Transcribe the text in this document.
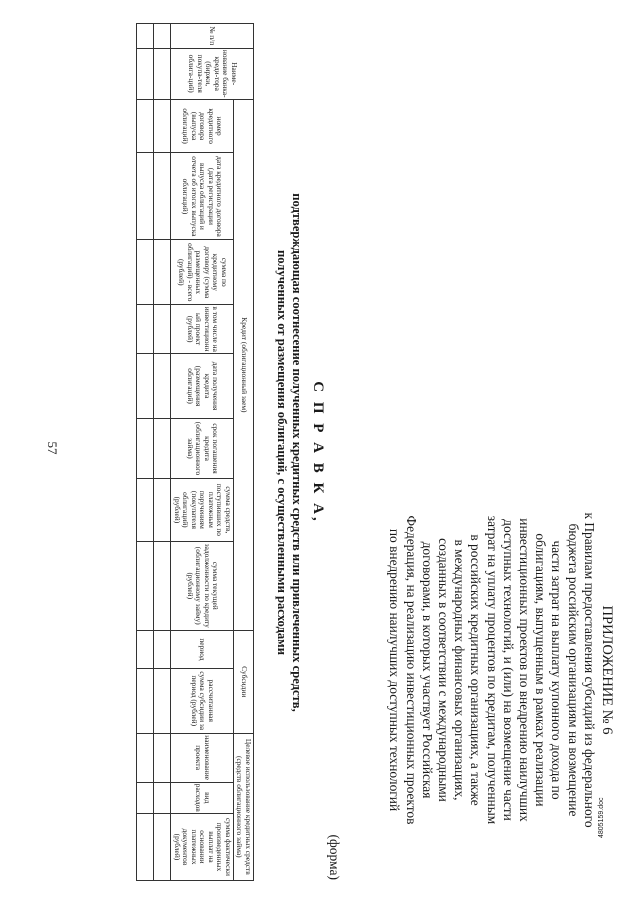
57
4805159.doc
ПРИЛОЖЕНИЕ № 6
к Правилам предоставления субсидий из федерального
бюджета российским организациям на возмещение
части затрат на выплату купонного дохода по
облигациям, выпущенным в рамках реализации
инвестиционных проектов по внедрению наилучших
доступных технологий, и (или) на возмещение части
затрат на уплату процентов по кредитам, полученным
в российских кредитных организациях, а также
в международных финансовых организациях,
созданных в соответствии с международными
договорами, в которых участвует Российская
Федерация, на реализацию инвестиционных проектов
по внедрению наилучших доступных технологий
(форма)
С П Р А В К А,
подтверждающая соотнесение полученных кредитных средств или привлеченных средств,
полученных от размещения облигаций, с осуществленными расходами
№ п/п	Наиме-нование банка-креди-тора (биржи, покупа-теля облига-ций)	Кредит (облигационный заем)								Субсидии		Целевое использование кредитных средств (средств облигационного займа)		
		номер кредитного договора (выпуска облигаций)	дата кредитного договора (дата регистрации выпуска облигаций и отчета об итогах выпуска облигаций)	сумма по кредитному договору (сумма размещенных облигаций) - всего (рублей)	в том числе на инвестиционный проект (рублей)	дата получения кредита (размещения облигаций)	срок погашения кредита (облигационного займа)	сумма средств, поступивших по платежным поручениям (покупателя облигаций) (рублей)	сумма текущей задолженности по кредиту (облигационному займу) (рублей)	период	рассчитанная сумма субсидии за период (рублей)	наименование проекта	вид расходов	сумма фактически произведенных выплат на основании платежных документов (рублей)
